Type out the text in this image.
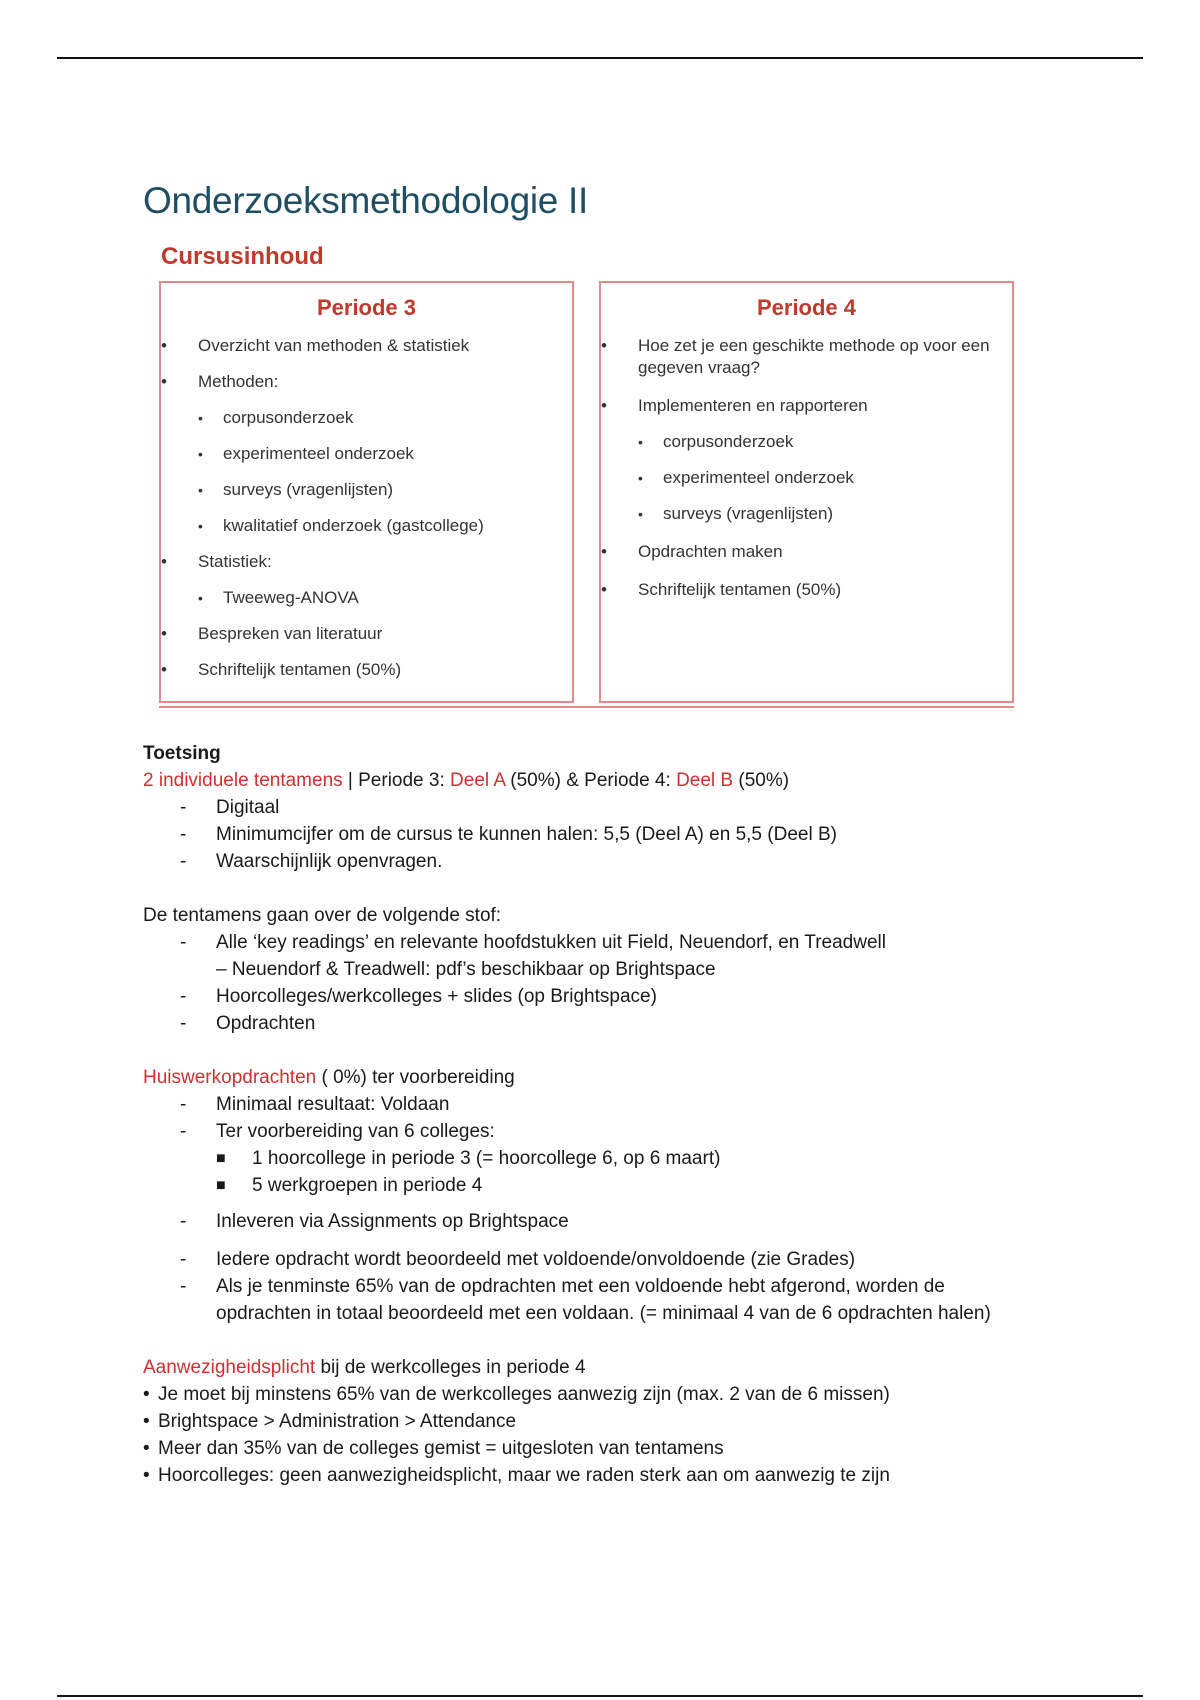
Onderzoeksmethodologie II
Cursusinhoud
Periode 3
• Overzicht van methoden & statistiek
• Methoden:
• corpusonderzoek
• experimenteel onderzoek
• surveys (vragenlijsten)
• kwalitatief onderzoek (gastcollege)
• Statistiek:
• Tweeweg-ANOVA
• Bespreken van literatuur
• Schriftelijk tentamen (50%)
Periode 4
• Hoe zet je een geschikte methode op voor een gegeven vraag?
• Implementeren en rapporteren
• corpusonderzoek
• experimenteel onderzoek
• surveys (vragenlijsten)
• Opdrachten maken
• Schriftelijk tentamen (50%)

Toetsing

2 individuele tentamens | Periode 3: Deel A (50%) & Periode 4: Deel B (50%)

- Digitaal
- Minimumcijfer om de cursus te kunnen halen: 5,5 (Deel A) en 5,5 (Deel B)
- Waarschijnlijk openvragen.

De tentamens gaan over de volgende stof:

- Alle ‘key readings’ en relevante hoofdstukken uit Field, Neuendorf, en Treadwell
– Neuendorf & Treadwell: pdf’s beschikbaar op Brightspace
- Hoorcolleges/werkcolleges + slides (op Brightspace)
- Opdrachten

Huiswerkopdrachten ( 0%) ter voorbereiding

- Minimaal resultaat: Voldaan
- Ter voorbereiding van 6 colleges:
■ 1 hoorcollege in periode 3 (= hoorcollege 6, op 6 maart)
■ 5 werkgroepen in periode 4
- Inleveren via Assignments op Brightspace
- Iedere opdracht wordt beoordeeld met voldoende/onvoldoende (zie Grades)
- Als je tenminste 65% van de opdrachten met een voldoende hebt afgerond, worden de opdrachten in totaal beoordeeld met een voldaan. (= minimaal 4 van de 6 opdrachten halen)

Aanwezigheidsplicht bij de werkcolleges in periode 4

• Je moet bij minstens 65% van de werkcolleges aanwezig zijn (max. 2 van de 6 missen)
• Brightspace > Administration > Attendance
• Meer dan 35% van de colleges gemist = uitgesloten van tentamens
• Hoorcolleges: geen aanwezigheidsplicht, maar we raden sterk aan om aanwezig te zijn
